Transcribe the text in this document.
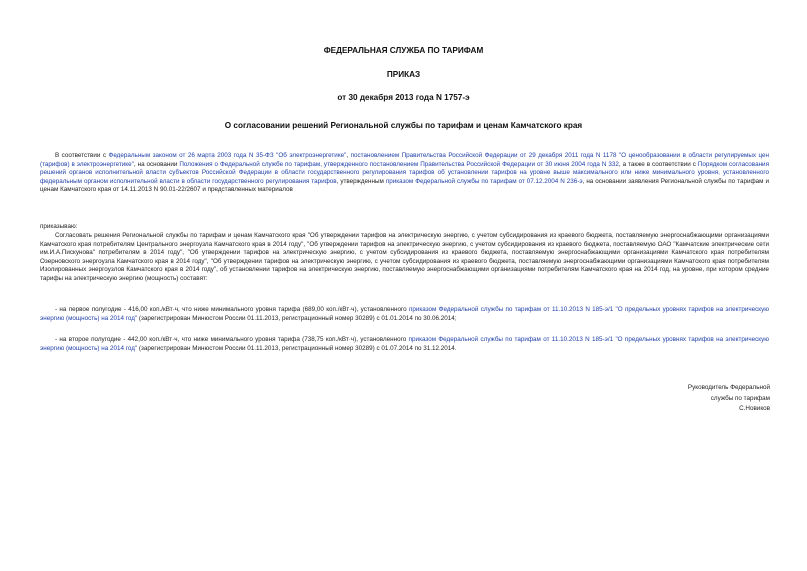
ФЕДЕРАЛЬНАЯ СЛУЖБА ПО ТАРИФАМ
ПРИКАЗ
от 30 декабря 2013 года N 1757-э
О согласовании решений Региональной службы по тарифам и ценам Камчатского края
В соответствии с Федеральным законом от 26 марта 2003 года N 35-ФЗ "Об электроэнергетике", постановлением Правительства Российской Федерации от 29 декабря 2011 года N 1178 "О ценообразовании в области регулируемых цен (тарифов) в электроэнергетике", на основании Положения о Федеральной службе по тарифам, утвержденного постановлением Правительства Российской Федерации от 30 июня 2004 года N 332, а также в соответствии с Порядком согласования решений органов исполнительной власти субъектов Российской Федерации в области государственного регулирования тарифов об установлении тарифов на уровне выше максимального или ниже минимального уровня, установленного федеральным органом исполнительной власти в области государственного регулирования тарифов, утвержденным приказом Федеральной службы по тарифам от 07.12.2004 N 236-э, на основании заявления Региональной службы по тарифам и ценам Камчатского края от 14.11.2013 N 90.01-22/2607 и представленных материалов
приказываю:
Согласовать решения Региональной службы по тарифам и ценам Камчатского края "Об утверждении тарифов на электрическую энергию, с учетом субсидирования из краевого бюджета, поставляемую энергоснабжающими организациями Камчатского края потребителям Центрального энергоузла Камчатского края в 2014 году", "Об утверждении тарифов на электрическую энергию, с учетом субсидирования из краевого бюджета, поставляемую ОАО "Камчатские электрические сети им.И.А.Пискунова" потребителям в 2014 году", "Об утверждении тарифов на электрическую энергию, с учетом субсидирования из краевого бюджета, поставляемую энергоснабжающими организациями Камчатского края потребителям Озерновского энергоузла Камчатского края в 2014 году", "Об утверждении тарифов на электрическую энергию, с учетом субсидирования из краевого бюджета, поставляемую энергоснабжающими организациями Камчатского края потребителям Изолированных энергоузлов Камчатского края в 2014 году", об установлении тарифов на электрическую энергию, поставляемую энергоснабжающими организациями потребителям Камчатского края на 2014 год, на уровне, при котором средние тарифы на электрическую энергию (мощность) составят:
- на первое полугодие - 416,00 коп./кВт·ч, что ниже минимального уровня тарифа (689,00 коп./кВт·ч), установленного приказом Федеральной службы по тарифам от 11.10.2013 N 185-э/1 "О предельных уровнях тарифов на электрическую энергию (мощность) на 2014 год" (зарегистрирован Минюстом России 01.11.2013, регистрационный номер 30289) с 01.01.2014 по 30.06.2014;
- на второе полугодие - 442,00 коп./кВт·ч, что ниже минимального уровня тарифа (738,75 коп./кВт·ч), установленного приказом Федеральной службы по тарифам от 11.10.2013 N 185-э/1 "О предельных уровнях тарифов на электрическую энергию (мощность) на 2014 год" (зарегистрирован Минюстом России 01.11.2013, регистрационный номер 30289) с 01.07.2014 по 31.12.2014.
Руководитель Федеральной
службы по тарифам
С.Новиков
